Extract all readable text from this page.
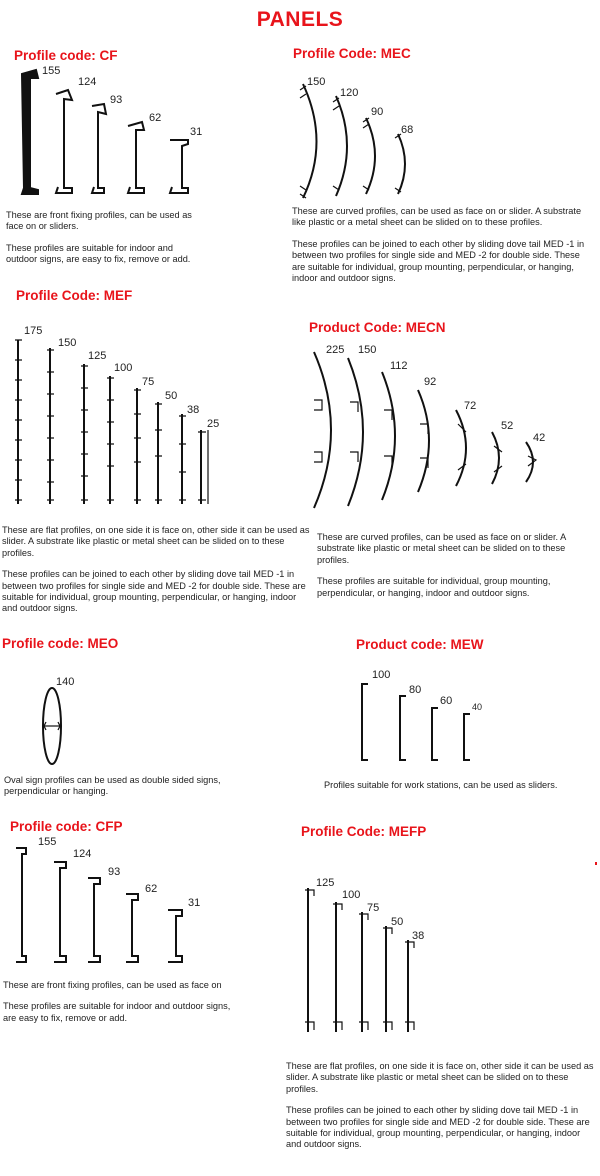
PANELS
Profile code: CF
155
124
93
62
31

These are front fixing profiles, can be used as face on or sliders.

These profiles are suitable for indoor and outdoor signs, are easy to fix, remove or add.

Profile Code: MEC
150
120
90
68

These are curved profiles, can be used as face on or slider. A substrate like plastic or a metal sheet can be slided on to these profiles.

These profiles can be joined to each other by sliding dove tail MED -1 in between two profiles for single side and MED -2 for double side. These are suitable for individual, group mounting, perpendicular, or hanging, indoor and outdoor signs.

Profile Code: MEF
175
150
125
100
75
50
38
25

These are flat profiles, on one side it is face on, other side it can be used as slider. A substrate like plastic or metal sheet can be slided on to these profiles.

These profiles can be joined to each other by sliding dove tail MED -1 in between two profiles for single side and MED -2 for double side. These are suitable for individual, group mounting, perpendicular, or hanging, indoor and outdoor signs.

Product Code: MECN
225 150
112
92
72
52
42

These are curved profiles, can be used as face on or slider. A substrate like plastic or metal sheet can be slided on to these profiles.

These profiles are suitable for individual, group mounting, perpendicular, or hanging, indoor and outdoor signs.

Profile code: MEO
140

Oval sign profiles can be used as double sided signs, perpendicular or hanging.

Product code: MEW
100
80
60 40

Profiles suitable for work stations, can be used as sliders.

Profile code: CFP
155
124
93
62
31

These are front fixing profiles, can be used as face on

These profiles are suitable for indoor and outdoor signs, are easy to fix, remove or add.

Profile Code: MEFP
125
100
75
50
38

These are flat profiles, on one side it is face on, other side it can be used as slider. A substrate like plastic or metal sheet can be slided on to these profiles.

These profiles can be joined to each other by sliding dove tail MED -1 in between two profiles for single side and MED -2 for double side. These are suitable for individual, group mounting, perpendicular, or hanging, indoor and outdoor signs.
